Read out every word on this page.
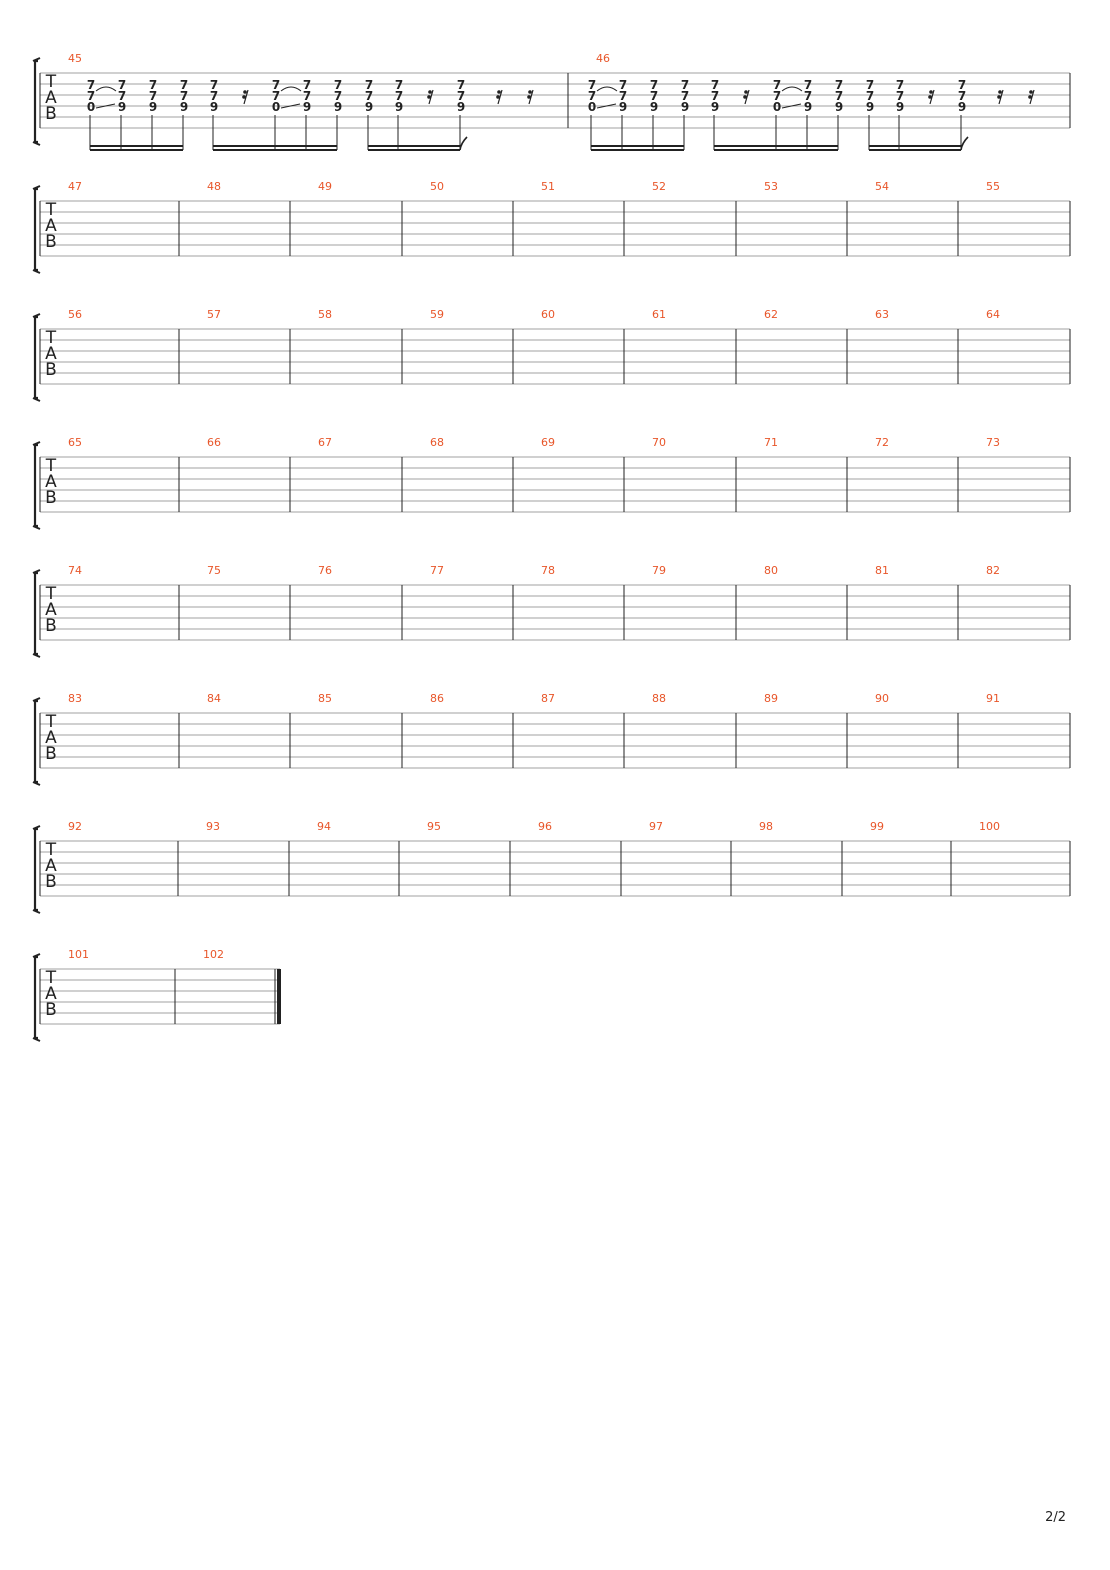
T
A
B
45	46
7
7
0
7
7
9
7
7
9
7
7
9
7
7
9
7
7
0
7
7
9
7
7
9
7
7
9
7
7
9
7
7
9
7
7
0
7
7
9
7
7
9
7
7
9
7
7
9
7
7
0
7
7
9
7
7
9
7
7
9
7
7
9
7
7
9
T
A
B
47	48	49	50	51	52	53	54	55
T
A
B
56	57	58	59	60	61	62	63	64
T
A
B
65	66	67	68	69	70	71	72	73
T
A
B
74	75	76	77	78	79	80	81	82
T
A
B
83	84	85	86	87	88	89	90	91
T
A
B
92	93	94	95	96	97	98	99	100
T
A
B
101	102
2/2
